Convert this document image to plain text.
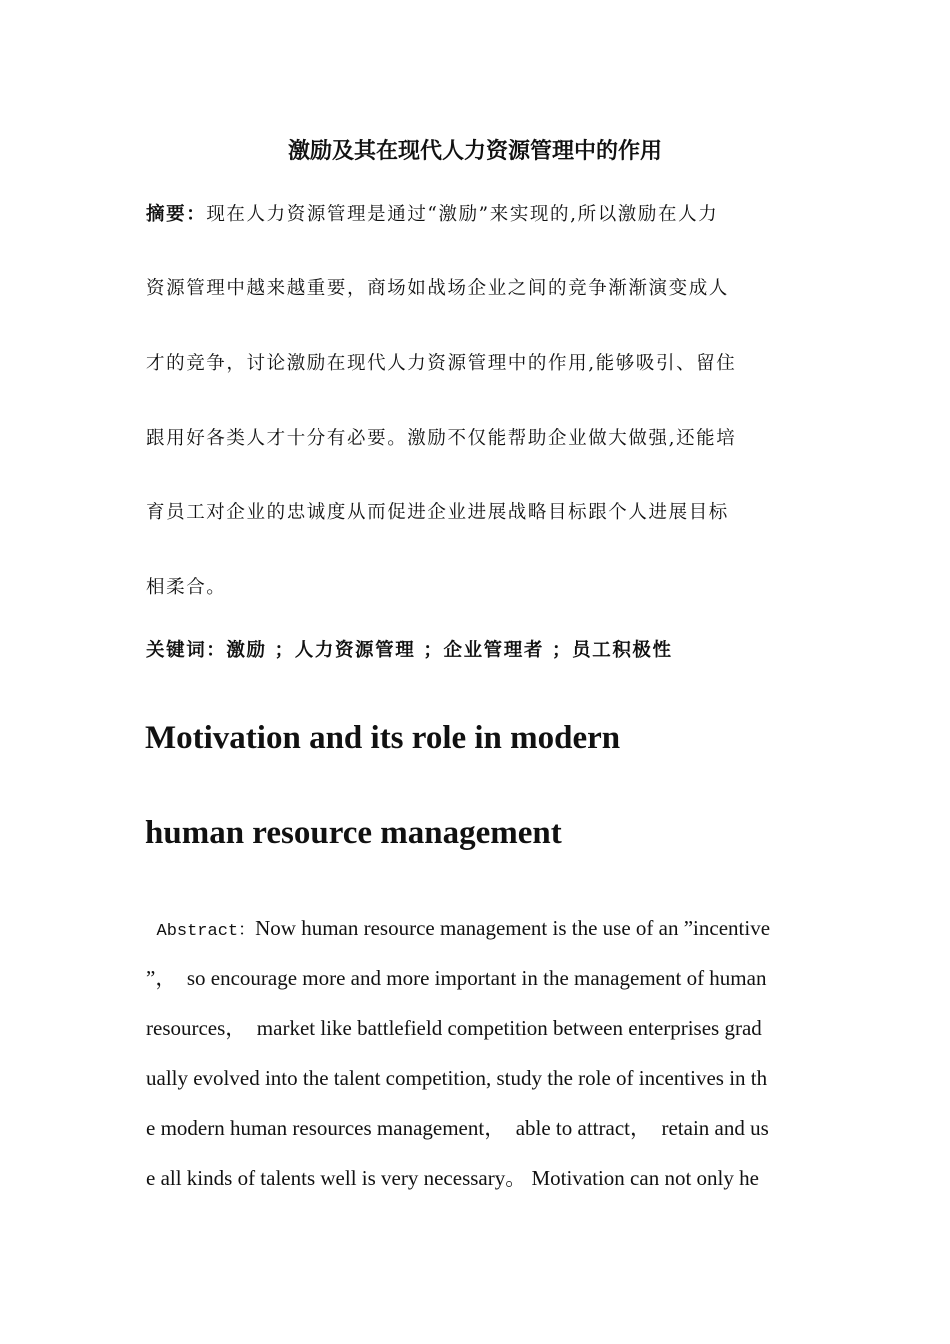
激励及其在现代人力资源管理中的作用
摘要：现在人力资源管理是通过“激励”来实现的,所以激励在人力
资源管理中越来越重要，商场如战场企业之间的竞争渐渐演变成人
才的竞争，讨论激励在现代人力资源管理中的作用,能够吸引、留住
跟用好各类人才十分有必要。激励不仅能帮助企业做大做强,还能培
育员工对企业的忠诚度从而促进企业进展战略目标跟个人进展目标
相柔合。
关键词：激励 ；人力资源管理 ；企业管理者 ；员工积极性
Motivation and its role in modern
human resource management
Abstract：Now human resource management is the use of an ”incentive
”，  so encourage more and more important in the management of human
resources，  market like battlefield competition between enterprises grad
ually evolved into the talent competition, study the role of incentives in th
e modern human resources management，  able to attract，  retain and us
e all kinds of talents well is very necessary。 Motivation can not only he
